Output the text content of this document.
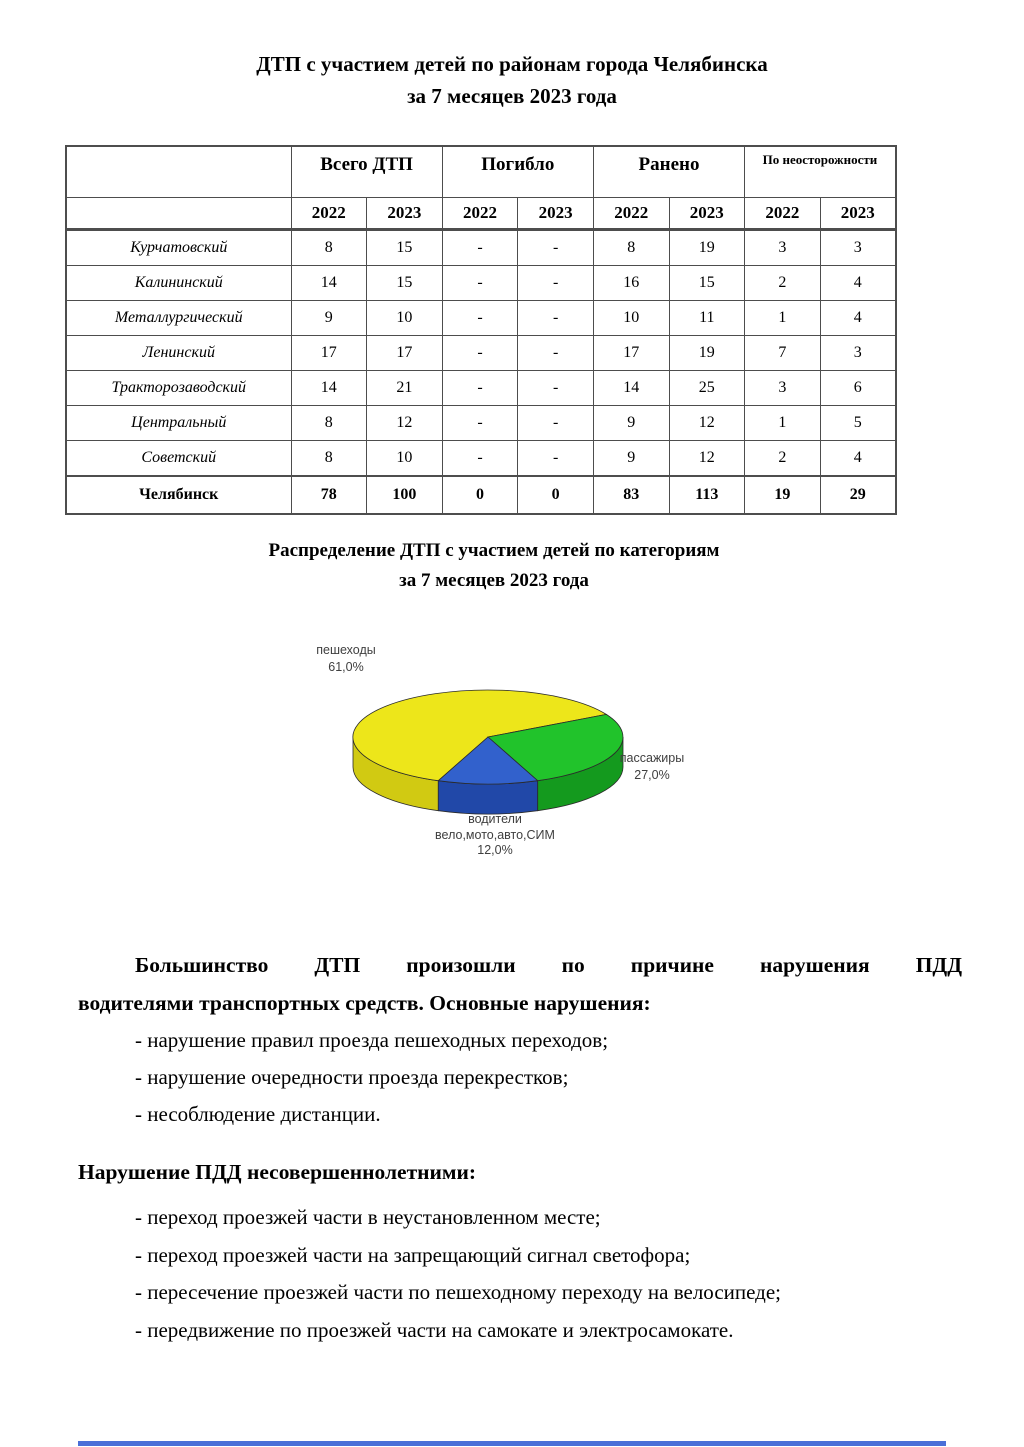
ДТП с участием детей по районам города Челябинска
за 7 месяцев 2023 года
	Всего ДТП		Погибло		Ранено		По неосторожности	
	2022	2023	2022	2023	2022	2023	2022	2023
Курчатовский	8	15	-	-	8	19	3	3
Калининский	14	15	-	-	16	15	2	4
Металлургический	9	10	-	-	10	11	1	4
Ленинский	17	17	-	-	17	19	7	3
Тракторозаводский	14	21	-	-	14	25	3	6
Центральный	8	12	-	-	9	12	1	5
Советский	8	10	-	-	9	12	2	4
Челябинск	78	100	0	0	83	113	19	29
Распределение ДТП с участием детей по категориям
за 7 месяцев 2023 года
пешеходы
61,0%
пассажиры
27,0%
водители
вело,мото,авто,СИМ
12,0%
Большинство ДТП произошли по причине нарушения ПДД
водителями транспортных средств. Основные нарушения:
- нарушение правил проезда пешеходных переходов;
- нарушение очередности проезда перекрестков;
- несоблюдение дистанции.
Нарушение ПДД несовершеннолетними:
- переход проезжей части в неустановленном месте;
- переход проезжей части на запрещающий сигнал светофора;
- пересечение проезжей части по пешеходному переходу на велосипеде;
- передвижение по проезжей части на самокате и электросамокате.
